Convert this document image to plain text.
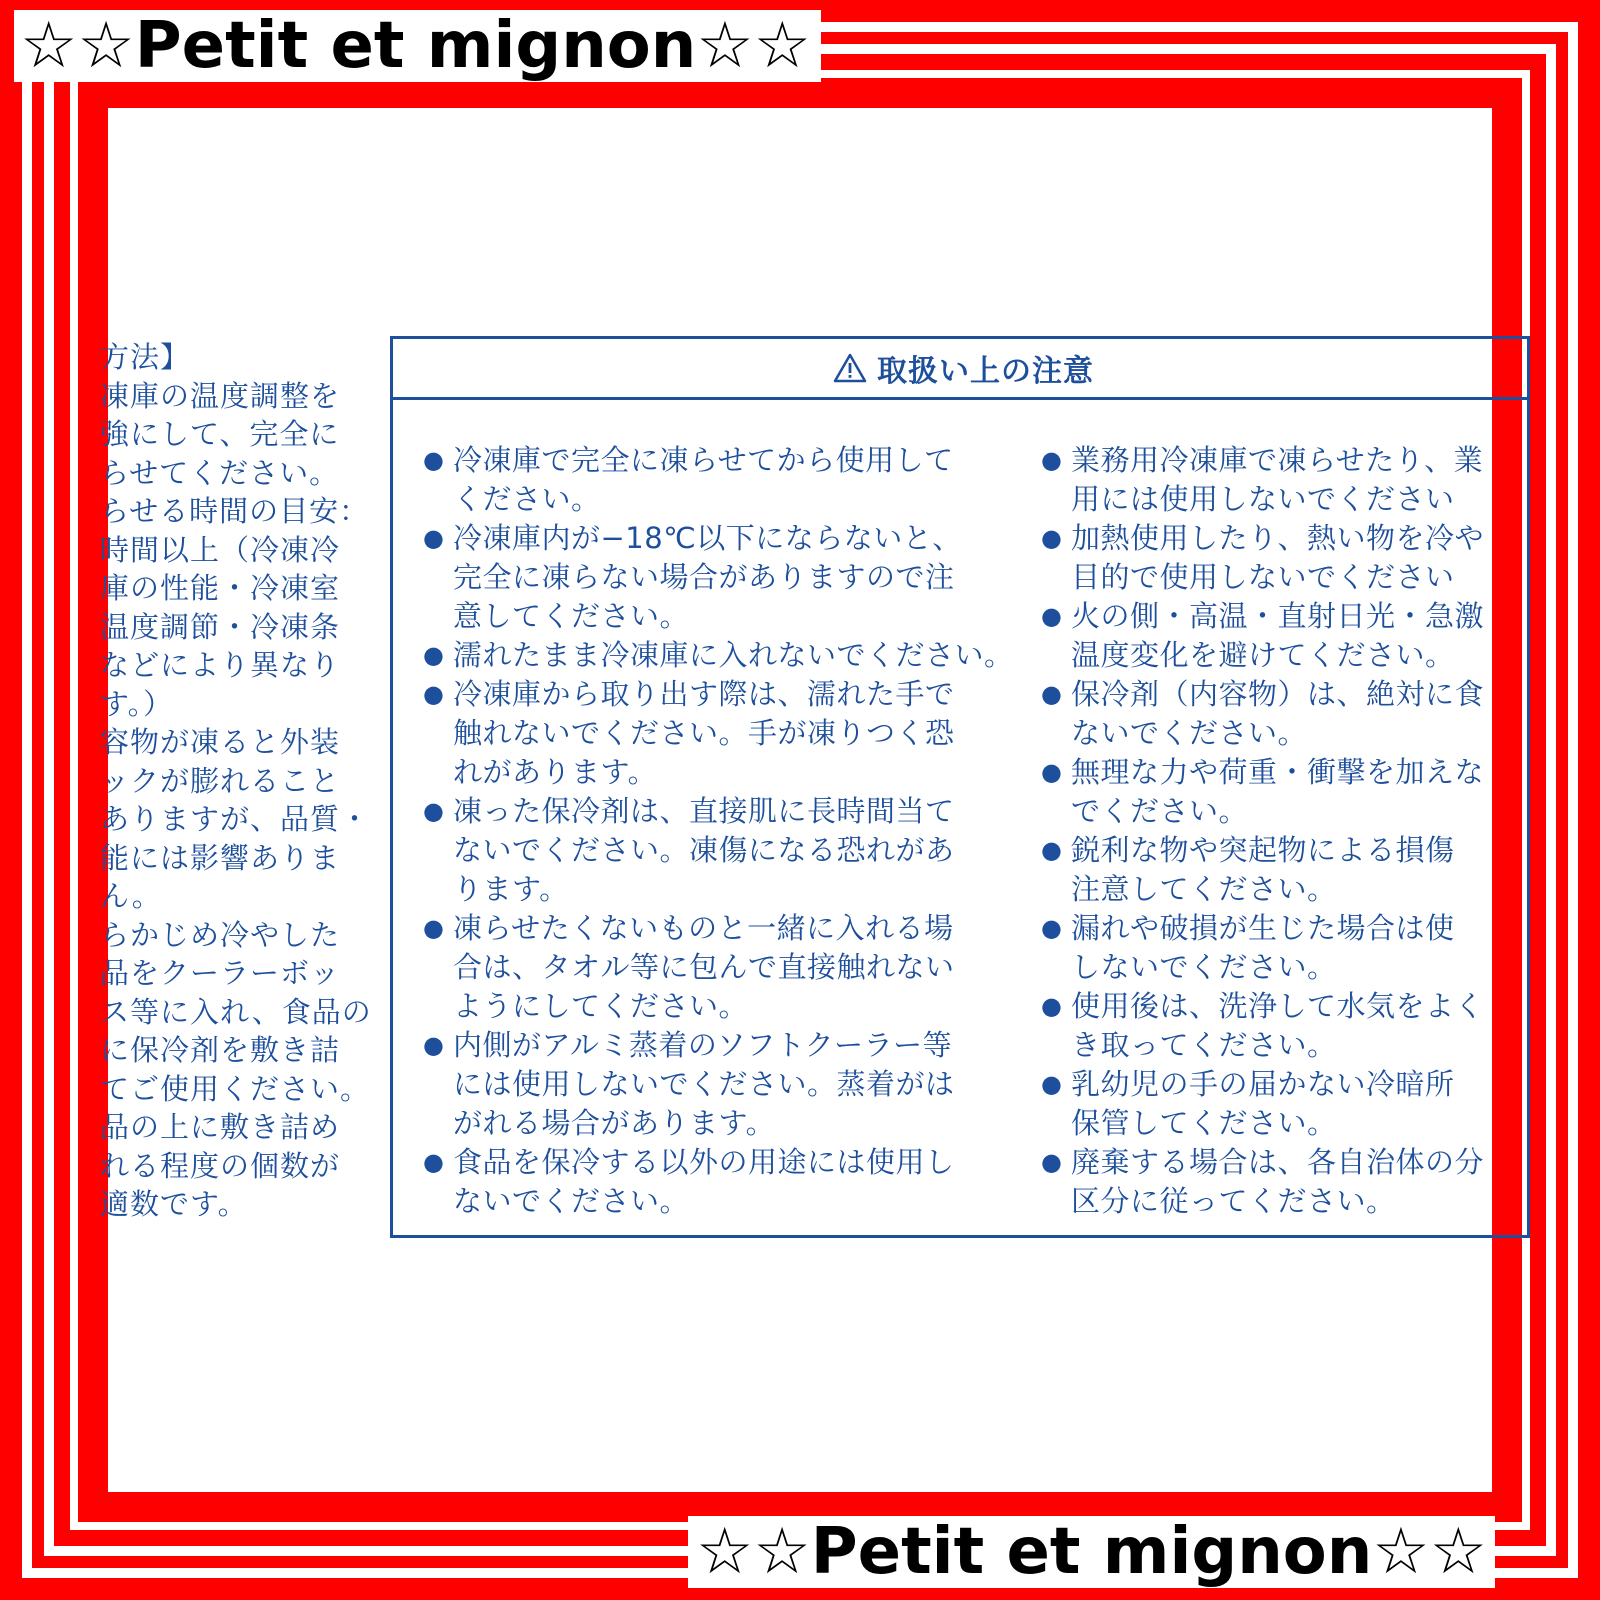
方法】
凍庫の温度調整を
強にして、完全に
らせてください。
らせる時間の目安：
時間以上（冷凍冷
庫の性能・冷凍室
温度調節・冷凍条
などにより異なり
す。）
容物が凍ると外装
ックが膨れること
ありますが、品質・
能には影響ありま
ん。
らかじめ冷やした
品をクーラーボッ
ス等に入れ、食品の
に保冷剤を敷き詰
てご使用ください。
品の上に敷き詰め
れる程度の個数が
適数です。
取扱い上の注意
● 冷凍庫で完全に凍らせてから使用して
ください。
● 冷凍庫内が−18℃以下にならないと、
完全に凍らない場合がありますので注
意してください。
● 濡れたまま冷凍庫に入れないでください。
● 冷凍庫から取り出す際は、濡れた手で
触れないでください。手が凍りつく恐
れがあります。
● 凍った保冷剤は、直接肌に長時間当て
ないでください。凍傷になる恐れがあ
ります。
● 凍らせたくないものと一緒に入れる場
合は、タオル等に包んで直接触れない
ようにしてください。
● 内側がアルミ蒸着のソフトクーラー等
には使用しないでください。蒸着がは
がれる場合があります。
● 食品を保冷する以外の用途には使用し
ないでください。
● 業務用冷凍庫で凍らせたり、業
用には使用しないでください
● 加熱使用したり、熱い物を冷や
目的で使用しないでください
● 火の側・高温・直射日光・急激
温度変化を避けてください。
● 保冷剤（内容物）は、絶対に食
ないでください。
● 無理な力や荷重・衝撃を加えな
でください。
● 鋭利な物や突起物による損傷
注意してください。
● 漏れや破損が生じた場合は使
しないでください。
● 使用後は、洗浄して水気をよく
き取ってください。
● 乳幼児の手の届かない冷暗所
保管してください。
● 廃棄する場合は、各自治体の分
区分に従ってください。
☆☆Petit et mignon☆☆
☆☆Petit et mignon☆☆
